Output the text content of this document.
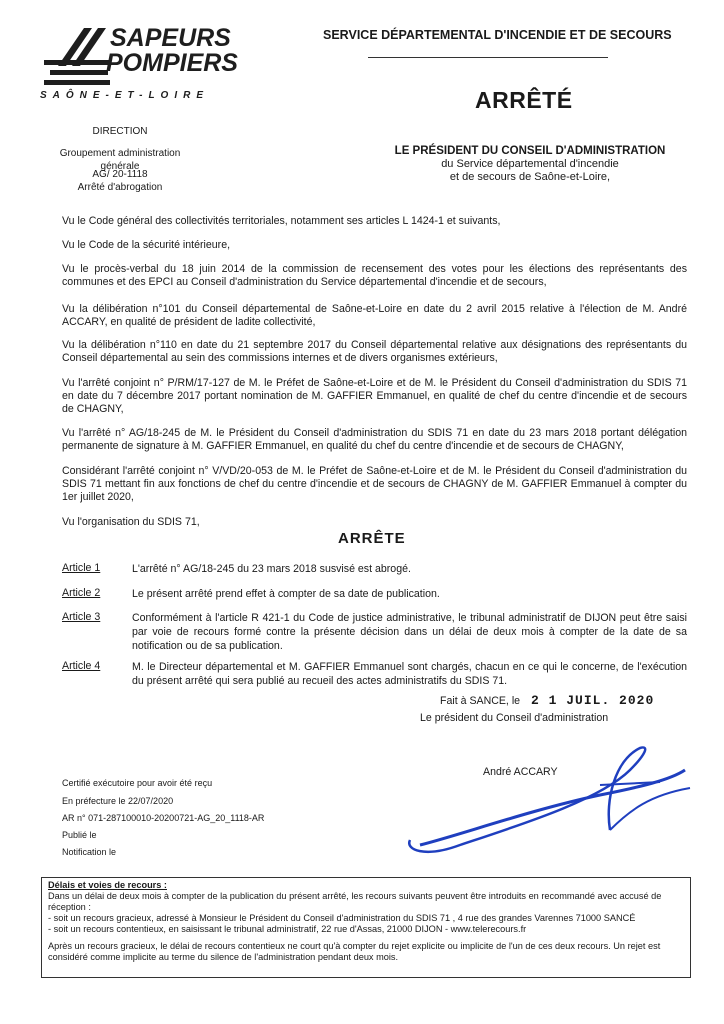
SAPEURS
POMPIERS
SAÔNE-ET-LOIRE
SERVICE DÉPARTEMENTAL D'INCENDIE ET DE SECOURS
ARRÊTÉ
DIRECTION
Groupement administration générale
AG/ 20-1118
Arrêté d'abrogation
LE PRÉSIDENT DU CONSEIL D'ADMINISTRATION
du Service départemental d'incendie
et de secours de Saône-et-Loire,
Vu le Code général des collectivités territoriales, notamment ses articles L 1424-1 et suivants,
Vu le Code de la sécurité intérieure,
Vu le procès-verbal du 18 juin 2014 de la commission de recensement des votes pour les élections des représentants des communes et des EPCI au Conseil d'administration du Service départemental d'incendie et de secours,
Vu la délibération n°101 du Conseil départemental de Saône-et-Loire en date du 2 avril 2015 relative à l'élection de M. André ACCARY, en qualité de président de ladite collectivité,
Vu la délibération n°110 en date du 21 septembre 2017 du Conseil départemental relative aux désignations des représentants du Conseil départemental au sein des commissions internes et de divers organismes extérieurs,
Vu l'arrêté conjoint n° P/RM/17-127 de M. le Préfet de Saône-et-Loire et de M. le Président du Conseil d'administration du SDIS 71 en date du 7 décembre 2017 portant nomination de M. GAFFIER Emmanuel, en qualité de chef du centre d'incendie et de secours de CHAGNY,
Vu l'arrêté n° AG/18-245 de M. le Président du Conseil d'administration du SDIS 71 en date du 23 mars 2018 portant délégation permanente de signature à M. GAFFIER Emmanuel, en qualité du chef du centre d'incendie et de secours de CHAGNY,
Considérant l'arrêté conjoint n° V/VD/20-053 de M. le Préfet de Saône-et-Loire et de M. le Président du Conseil d'administration du SDIS 71 mettant fin aux fonctions de chef du centre d'incendie et de secours de CHAGNY de M. GAFFIER Emmanuel à compter du 1er juillet 2020,
Vu l'organisation du SDIS 71,
ARRÊTE
Article 1	L'arrêté n° AG/18-245 du 23 mars 2018 susvisé est abrogé.
Article 2	Le présent arrêté prend effet à compter de sa date de publication.
Article 3	Conformément à l'article R 421-1 du Code de justice administrative, le tribunal administratif de DIJON peut être saisi par voie de recours formé contre la présente décision dans un délai de deux mois à compter de la date de sa notification ou de sa publication.
Article 4	M. le Directeur départemental et M. GAFFIER Emmanuel sont chargés, chacun en ce qui le concerne, de l'exécution du présent arrêté qui sera publié au recueil des actes administratifs du SDIS 71.
Fait à SANCE, le 2 1 JUIL. 2020
Le président du Conseil d'administration
André ACCARY
Certifié exécutoire pour avoir été reçu
En préfecture le 22/07/2020
AR n° 071-287100010-20200721-AG_20_1118-AR
Publié le
Notification le

Délais et voies de recours :

Dans un délai de deux mois à compter de la publication du présent arrêté, les recours suivants peuvent être introduits en recommandé avec accusé de réception :

- soit un recours gracieux, adressé à Monsieur le Président du Conseil d'administration du SDIS 71 , 4 rue des grandes Varennes 71000 SANCÉ

- soit un recours contentieux, en saisissant le tribunal administratif, 22 rue d'Assas, 21000 DIJON - www.telerecours.fr

Après un recours gracieux, le délai de recours contentieux ne court qu'à compter du rejet explicite ou implicite de l'un de ces deux recours. Un rejet est considéré comme implicite au terme du silence de l'administration pendant deux mois.
